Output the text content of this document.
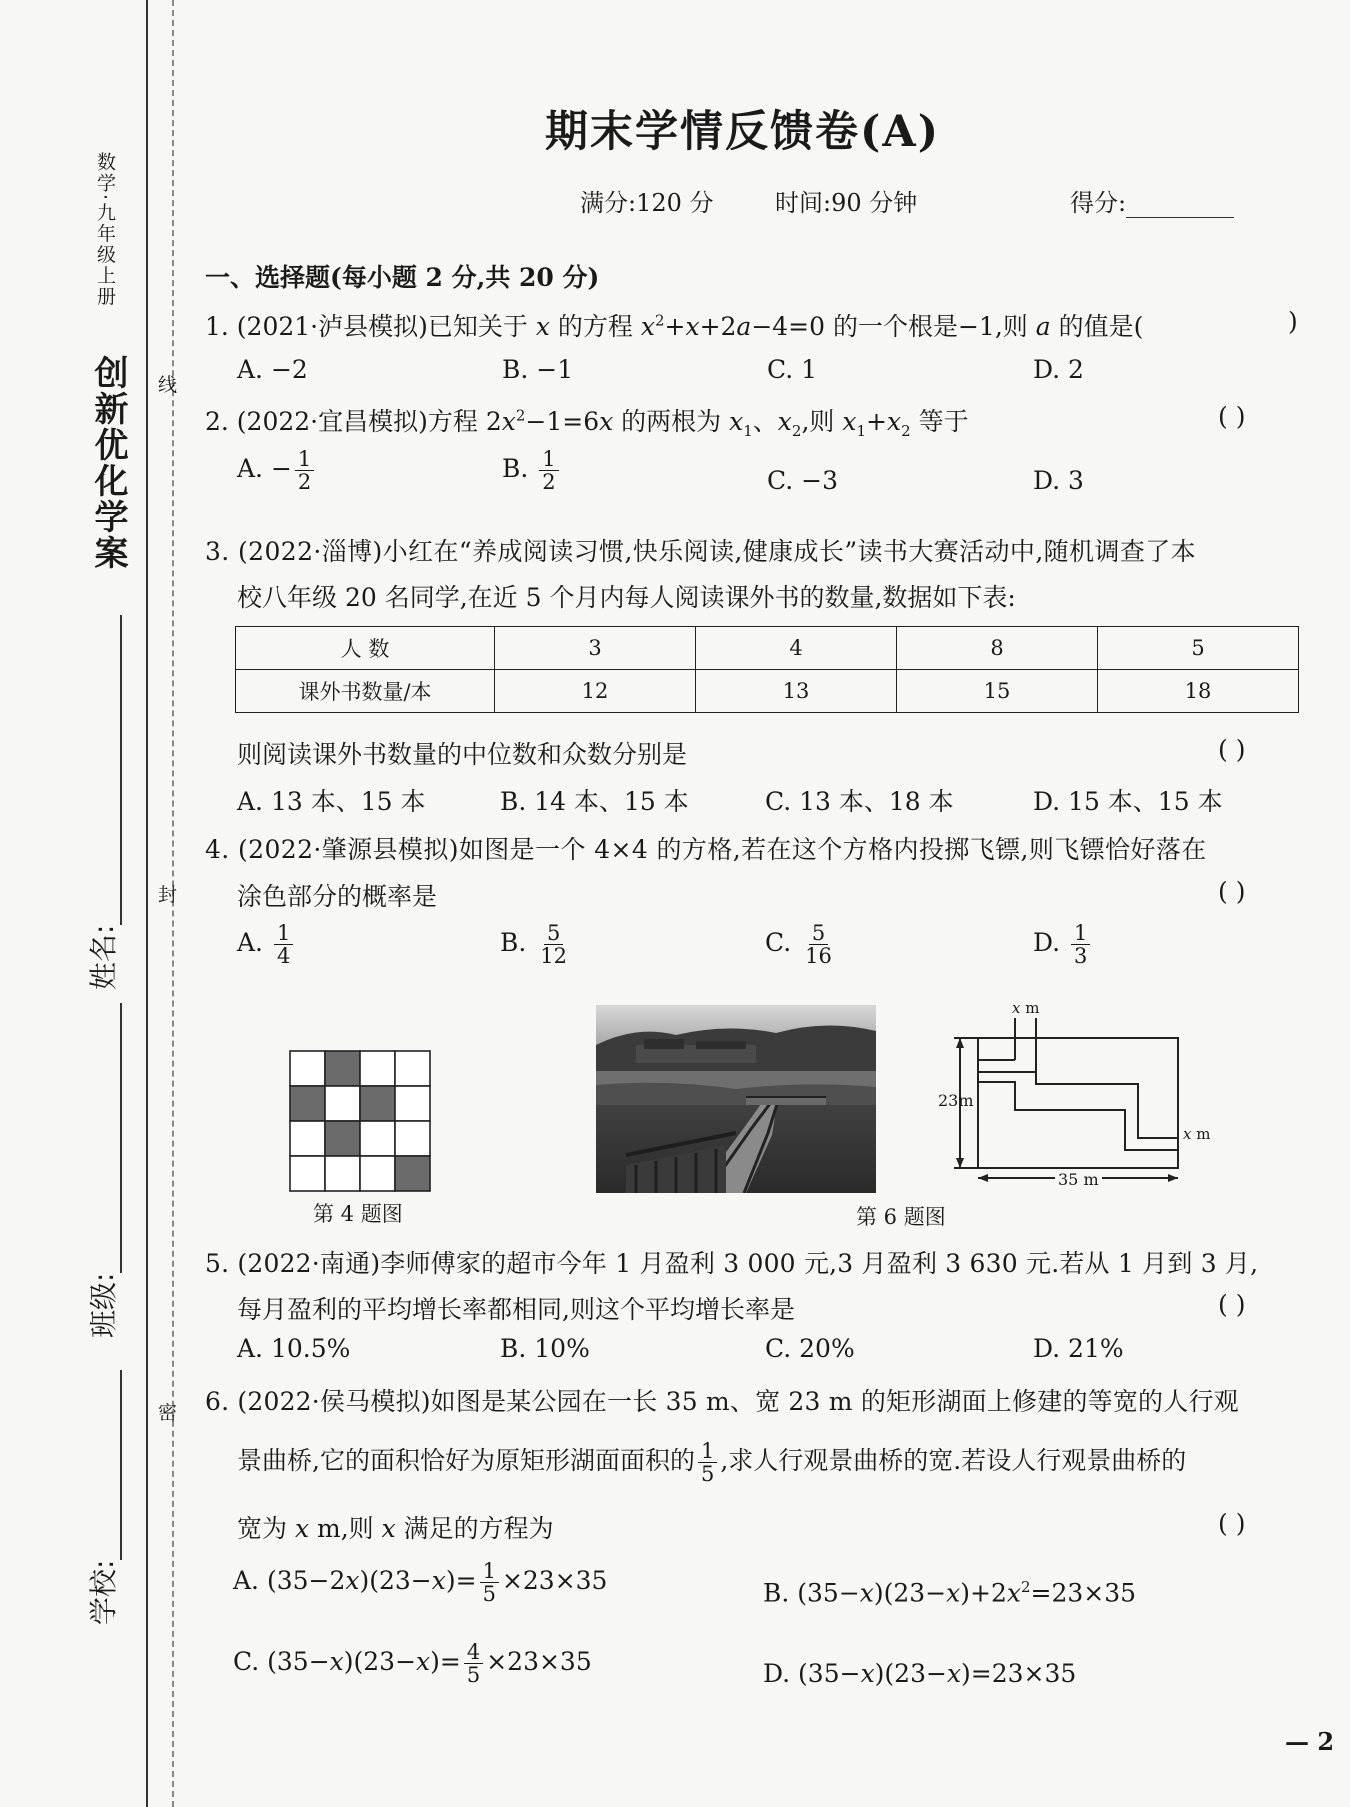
数学·九年级上册
创新优化学案 线
封
密
姓名:
班级:
学校:
期末学情反馈卷(A)
满分:120 分	时间:90 分钟	得分:
一、选择题(每小题 2 分,共 20 分)
1. (2021·泸县模拟)已知关于 x 的方程 $x^2+x+2a-4=0$ 的一个根是−1,则 a 的值是(	)
A. −2	B. −1	C. 1	D. 2
2. (2022·宜昌模拟)方程 $2x^2-1=6x$ 的两根为 $x_1$、$x_2$,则 $x_1+x_2$ 等于	( )
A. − $\frac{1}{2}$	B. $\frac{1}{2}$	C. −3	D. 3
3. (2022·淄博)小红在“养成阅读习惯,快乐阅读,健康成长”读书大赛活动中,随机调查了本
校八年级 20 名同学,在近 5 个月内每人阅读课外书的数量,数据如下表:
人 数	3	4	8	5
课外书数量/本	12	13	15	18
则阅读课外书数量的中位数和众数分别是	( )
A. 13 本、15 本	B. 14 本、15 本	C. 13 本、18 本	D. 15 本、15 本
4. (2022·肇源县模拟)如图是一个 4×4 的方格,若在这个方格内投掷飞镖,则飞镖恰好落在
涂色部分的概率是	( )
A. $\frac{1}{4}$	B. $\frac{5}{12}$	C. $\frac{5}{16}$	D. $\frac{1}{3}$
第 4 题图
x m
23m
x m
35 m
第 6 题图
5. (2022·南通)李师傅家的超市今年 1 月盈利 3 000 元,3 月盈利 3 630 元.若从 1 月到 3 月,
每月盈利的平均增长率都相同,则这个平均增长率是	( )
A. 10.5%	B. 10%	C. 20%	D. 21%
6. (2022·侯马模拟)如图是某公园在一长 35 m、宽 23 m 的矩形湖面上修建的等宽的人行观
景曲桥,它的面积恰好为原矩形湖面面积的 $\frac{1}{5}$ ,求人行观景曲桥的宽.若设人行观景曲桥的
宽为 x m,则 x 满足的方程为	( )
A. $(35-2x)(23-x)= \frac{1}{5} \times 23\times 35$	B. $(35-x)(23-x)+2x^2=23\times 35$
C. $(35-x)(23-x)= \frac{4}{5} \times 23\times 35$	D. (35−x)(23−x)=23×35
— 2
